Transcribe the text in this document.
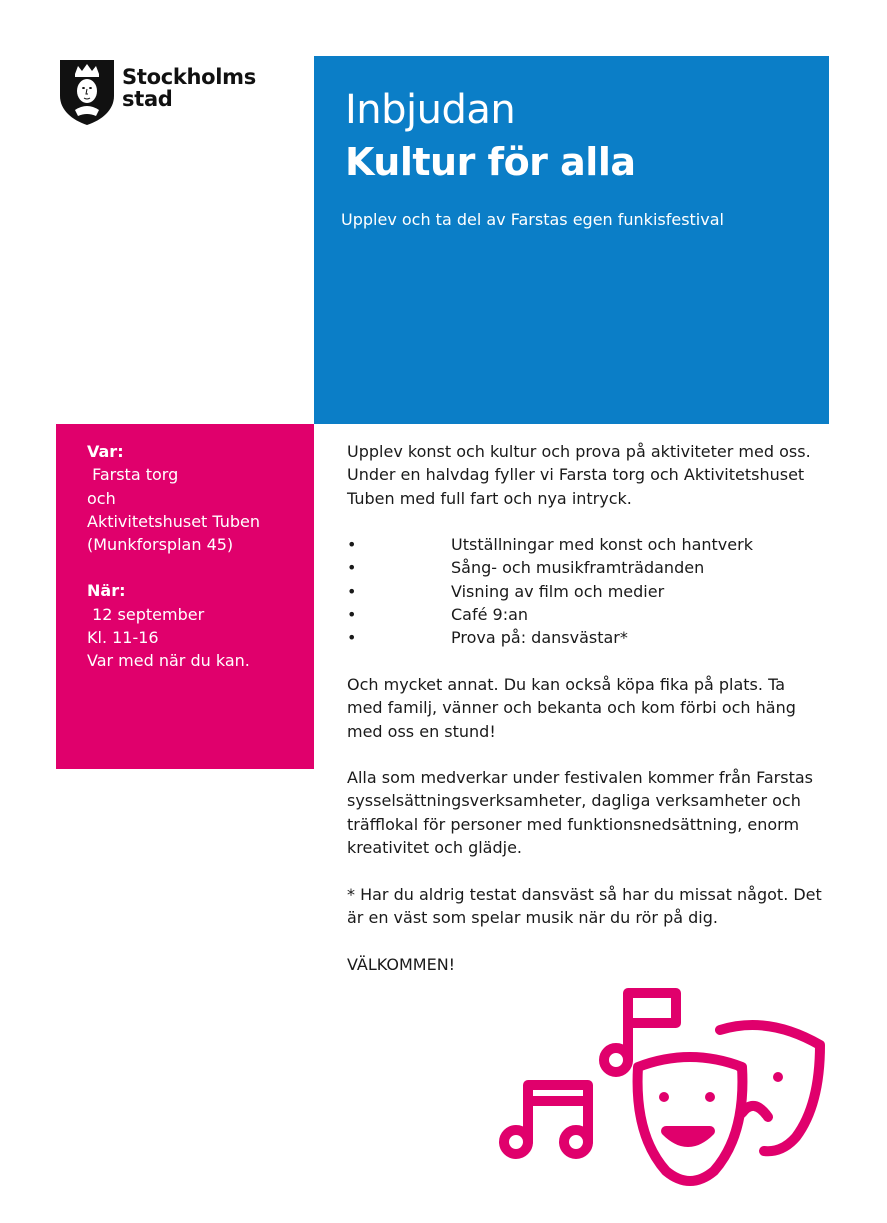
Stockholms
stad	Inbjudan
Kultur för alla
Upplev och ta del av Farstas egen funkisfestival
Var:
Farsta torg
och
Aktivitetshuset Tuben
(Munkforsplan 45)
När:
12 september
Kl. 11-16
Var med när du kan.

Upplev konst och kultur och prova på aktiviteter med oss. Under en halvdag fyller vi Farsta torg och Aktivitetshuset Tuben med full fart och nya intryck.

•	Utställningar med konst och hantverk
•	Sång- och musikframträdanden
•	Visning av film och medier
•	Café 9:an
•	Prova på: dansvästar*

Och mycket annat. Du kan också köpa fika på plats. Ta med familj, vänner och bekanta och kom förbi och häng med oss en stund!

Alla som medverkar under festivalen kommer från Farstas sysselsättningsverksamheter, dagliga verksamheter och träfflokal för personer med funktionsnedsättning, enorm kreativitet och glädje.

* Har du aldrig testat dansväst så har du missat något. Det är en väst som spelar musik när du rör på dig.

VÄLKOMMEN!
